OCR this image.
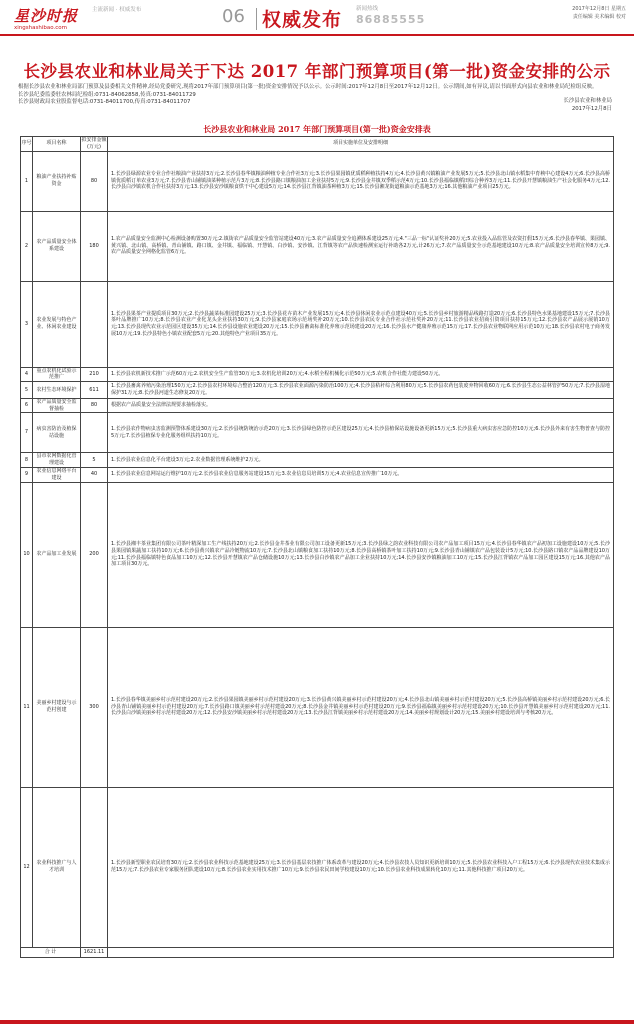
星沙时报
xingshashibao.com
主流新闻 · 权威发布	06 权威发布	新闻热线
86885555
2017年12月8日 星期五
责任编辑 美术编辑 校对
长沙县农业和林业局关于下达 2017 年部门预算项目(第一批)资金安排的公示

根据长沙县农业和林业局部门预算及县委相关文件精神,经局党委研究,现将2017年部门预算项目(第一批)资金安排情况予以公示。公示时间:2017年12月8日至2017年12月12日。公示期间,如有异议,请以书面形式向县农业和林业局纪检组反映。

长沙县纪委监委驻农林局纪检组:0731-84062858,传真:0731-84011729

长沙县财政局农业股监督电话:0731-84011700,传真:0731-84011707	长沙县农业和林业局
2017年12月8日
长沙县农业和林业局 2017 年部门预算项目(第一批)资金安排表
序号	项目名称	拟安排金额(万元)	项目实施单位及安排明细
1	粮油产业扶持补贴资金	80	1.长沙县绿源农业专业合作社粮油产业扶持3万元;2.长沙县春华镇粮油种植专业合作社3万元;3.长沙县果园镇优质稻种植扶持4万元;4.长沙县黄兴镇粮油产业发展5万元;5.长沙县北山镇水稻集中育秧中心建设4万元;6.长沙县高桥镇优质稻订单农业3万元;7.长沙县青山铺镇油菜种植示范片3万元;8.长沙县路口镇粮油加工企业扶持5万元;9.长沙县金井镇双季稻示范4万元;10.长沙县福临镇稻田综合种养3万元;11.长沙县开慧镇粮油生产社会化服务4万元;12.长沙县白沙镇农机合作社扶持3万元;13.长沙县安沙镇粮食烘干中心建设5万元;14.长沙县江背镇油茶种植3万元;15.长沙县湘龙街道粮油示范基地3万元;16.其他粮油产业项目25万元。
2	农产品质量安全体系建设	180	1.农产品质量安全监测中心检测设备购置30万元;2.镇街农产品质量安全监管站建设40万元;3.农产品质量安全追溯体系建设25万元;4."三品一标"认证奖补20万元;5.农业投入品监管及农资打假15万元;6.长沙县春华镇、果园镇、黄兴镇、北山镇、高桥镇、青山铺镇、路口镇、金井镇、福临镇、开慧镇、白沙镇、安沙镇、江背镇等农产品快速检测室运行补助各2万元,计26万元;7.农产品质量安全示范基地建设10万元;8.农产品质量安全培训宣传8万元;9.农产品质量安全网格化监管6万元。
3	农业发展与特色产业、休闲农业建设		1.长沙县果茶产业提质项目30万元;2.长沙县蔬菜标准园建设25万元;3.长沙县花卉苗木产业发展15万元;4.长沙县休闲农业示范点建设40万元;5.长沙县乡村旅游精品线路打造20万元;6.长沙县特色水果基地建设15万元;7.长沙县茶叶品牌推广10万元;8.长沙县农业产业化龙头企业扶持30万元;9.长沙县家庭农场示范场奖补20万元;10.长沙县农民专业合作社示范社奖补20万元;11.长沙县农业招商引资项目扶持15万元;12.长沙县农产品展示展销10万元;13.长沙县现代农业示范园区建设35万元;14.长沙县设施农业建设20万元;15.长沙县畜禽标准化养殖示范场建设20万元;16.长沙县水产健康养殖示范15万元;17.长沙县农业物联网应用示范10万元;18.长沙县农村电子商务发展10万元;19.长沙县特色小镇农业配套5万元;20.其他特色产业项目35万元。
4	重点农机化试验示范推广	210	1.长沙县农机新技术推广示范60万元;2.农机安全生产监管30万元;3.农机化培训20万元;4.水稻全程机械化示范50万元;5.农机合作社能力建设50万元。
5	农村生态环境保护	611	1.长沙县畜禽养殖污染治理150万元;2.长沙县农村环境综合整治120万元;3.长沙县农业面源污染防治100万元;4.长沙县秸秆综合利用80万元;5.长沙县农药包装废弃物回收60万元;6.长沙县生态公益林管护50万元;7.长沙县湿地保护31万元;8.长沙县河道生态修复20万元。
6	农产品质量安全监督抽检	80	根据农产品质量安全法律法规要求抽检落实。
7	病虫害防治及植保站设施		1.长沙县农作物病虫害监测预警体系建设30万元;2.长沙县统防统治示范20万元;3.长沙县绿色防控示范区建设25万元;4.长沙县植保站设施设备更新15万元;5.长沙县重大病虫害应急防控10万元;6.长沙县外来有害生物普查与防控5万元;7.长沙县植保专业化服务组织扶持10万元。
8	县市农网数据化管理建设	5	1.长沙县农业信息化平台建设3万元;2.农业数据管理系统维护2万元。
9	农业信息网络平台建设	40	1.长沙县农业信息网站运行维护10万元;2.长沙县农业信息服务站建设15万元;3.农业信息员培训5万元;4.农业信息宣传推广10万元。
10	农产品加工业发展	200	1.长沙县湘丰茶业集团有限公司茶叶精深加工生产线扶持20万元;2.长沙县金井茶业有限公司加工设备更新15万元;3.长沙县绿之韵农业科技有限公司农产品加工项目15万元;4.长沙县春华镇农产品初加工设施建设10万元;5.长沙县果园镇果蔬加工扶持10万元;6.长沙县黄兴镇农产品冷链物流10万元;7.长沙县北山镇粮食加工扶持10万元;8.长沙县高桥镇茶叶加工扶持10万元;9.长沙县青山铺镇农产品包装设计5万元;10.长沙县路口镇农产品品牌建设10万元;11.长沙县福临镇特色食品加工10万元;12.长沙县开慧镇农产品仓储设施10万元;13.长沙县白沙镇农产品加工企业扶持10万元;14.长沙县安沙镇粮油加工10万元;15.长沙县江背镇农产品加工园区建设15万元;16.其他农产品加工项目30万元。
11	美丽乡村建设与示范村创建	300	1.长沙县春华镇美丽乡村示范村建设20万元;2.长沙县果园镇美丽乡村示范村建设20万元;3.长沙县黄兴镇美丽乡村示范村建设20万元;4.长沙县北山镇美丽乡村示范村建设20万元;5.长沙县高桥镇美丽乡村示范村建设20万元;6.长沙县青山铺镇美丽乡村示范村建设20万元;7.长沙县路口镇美丽乡村示范村建设20万元;8.长沙县金井镇美丽乡村示范村建设20万元;9.长沙县福临镇美丽乡村示范村建设20万元;10.长沙县开慧镇美丽乡村示范村建设20万元;11.长沙县白沙镇美丽乡村示范村建设20万元;12.长沙县安沙镇美丽乡村示范村建设20万元;13.长沙县江背镇美丽乡村示范村建设20万元;14.美丽乡村规划设计20万元;15.美丽乡村建设培训与考核20万元。
12	农业科技推广与人才培训		1.长沙县新型职业农民培育30万元;2.长沙县农业科技示范基地建设25万元;3.长沙县基层农技推广体系改革与建设20万元;4.长沙县农技人员知识更新培训10万元;5.长沙县农业科技入户工程15万元;6.长沙县现代农业技术集成示范15万元;7.长沙县农业专家服务团队建设10万元;8.长沙县农业实用技术推广10万元;9.长沙县农民田间学校建设10万元;10.长沙县农业科技成果转化10万元;11.其他科技推广项目20万元。
合 计		1621.11	
